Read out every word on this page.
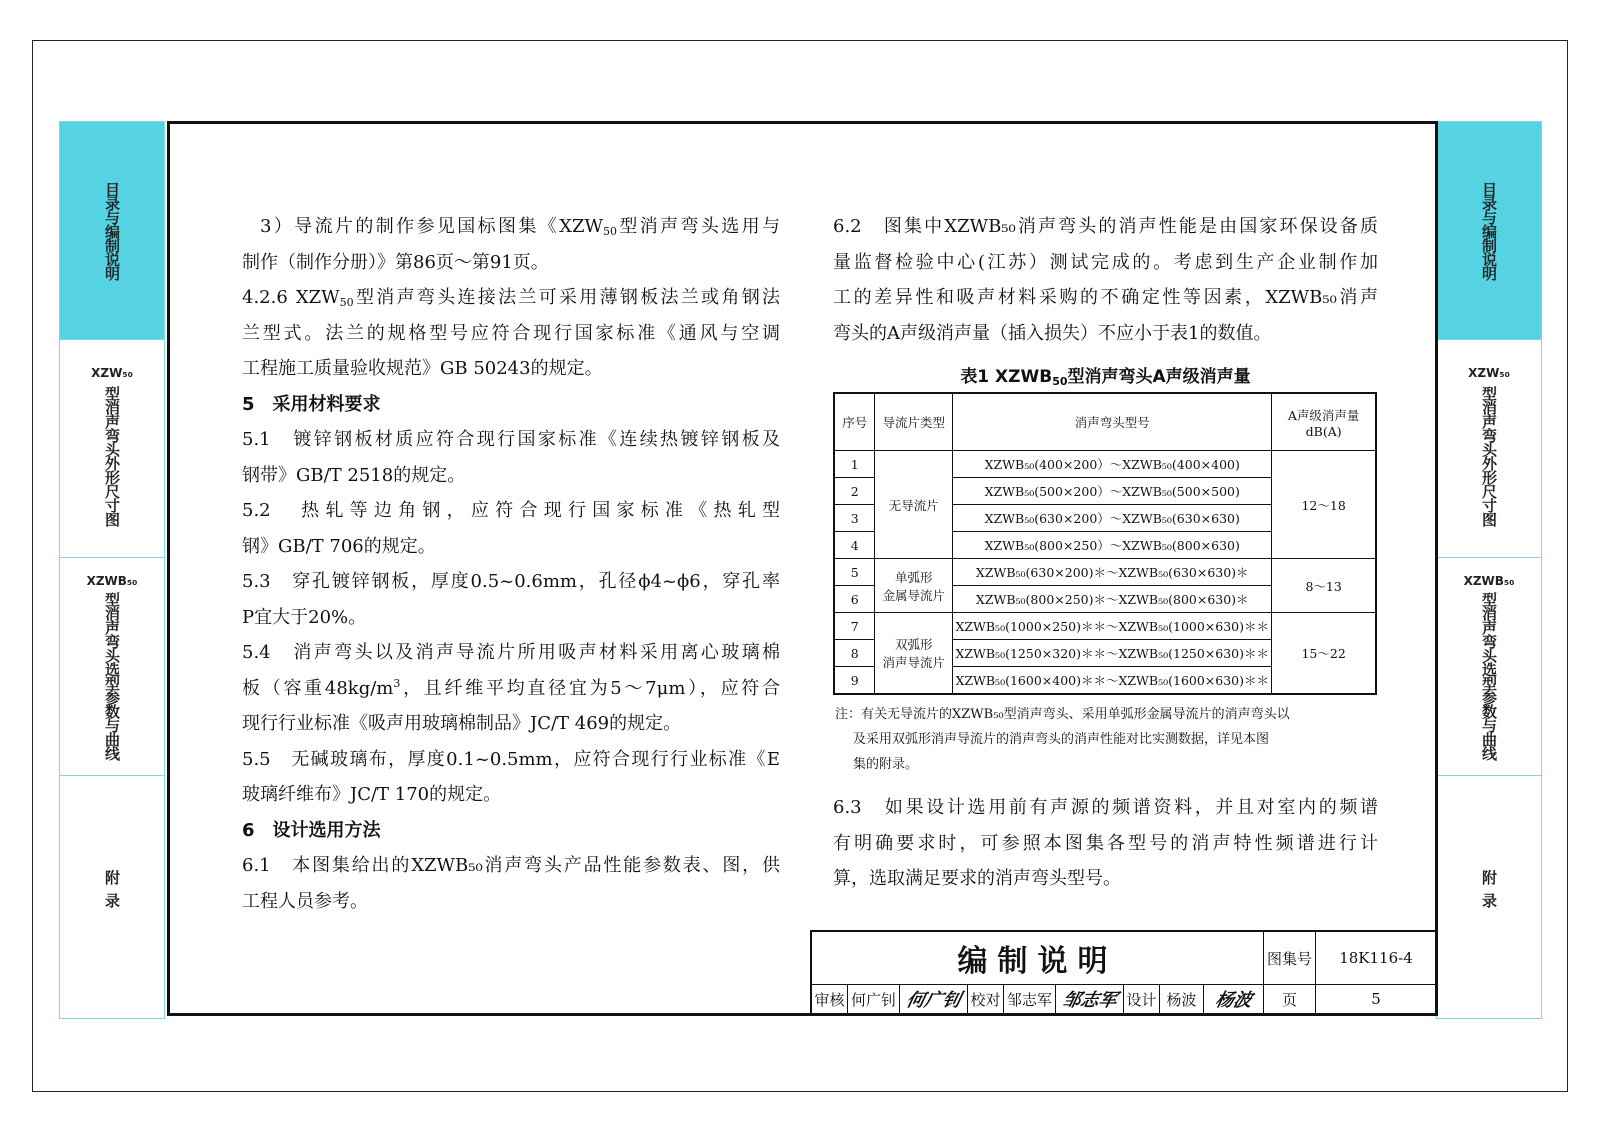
目录与编制说明
XZW₅₀
型消声弯头外形尺寸图
XZWB₅₀
型消声弯头选型参数与曲线
附录
目录与编制说明
XZW₅₀
型消声弯头外形尺寸图
XZWB₅₀
型消声弯头选型参数与曲线
附录

 3）导流片的制作参见国标图集《$XZW_{50}$型消声弯头选用与

制作（制作分册）》第86页～第91页。

4.2.6 $XZW_{50}$型消声弯头连接法兰可采用薄钢板法兰或角钢法

兰型式。法兰的规格型号应符合现行国家标准《通风与空调

工程施工质量验收规范》GB 50243的规定。

5　采用材料要求

5.1　镀锌钢板材质应符合现行国家标准《连续热镀锌钢板及

钢带》GB/T 2518的规定。

5.2　热轧等边角钢，应符合现行国家标准《热轧型

钢》GB/T 706的规定。

5.3　穿孔镀锌钢板，厚度0.5~0.6mm，孔径ϕ4~ϕ6，穿孔率

P宜大于20%。

5.4　消声弯头以及消声导流片所用吸声材料采用离心玻璃棉

板（容重$48kg/m^3$，且纤维平均直径宜为5～7μm），应符合

现行行业标准《吸声用玻璃棉制品》JC/T 469的规定。

5.5　无碱玻璃布，厚度0.1~0.5mm，应符合现行行业标准《E

玻璃纤维布》JC/T 170的规定。

6　设计选用方法

6.1　本图集给出的XZWB₅₀消声弯头产品性能参数表、图，供

工程人员参考。

6.2　图集中XZWB₅₀消声弯头的消声性能是由国家环保设备质

量监督检验中心(江苏）测试完成的。考虑到生产企业制作加

工的差异性和吸声材料采购的不确定性等因素，XZWB₅₀消声

弯头的A声级消声量（插入损失）不应小于表1的数值。

表1 $XZWB_{50}$型消声弯头A声级消声量
序号	导流片类型	消声弯头型号	A声级消声量
dB(A)
1	无导流片	XZWB₅₀(400×200）～XZWB₅₀(400×400)	12～18
2		XZWB₅₀(500×200）～XZWB₅₀(500×500)	
3		XZWB₅₀(630×200）～XZWB₅₀(630×630)	
4		XZWB₅₀(800×250）～XZWB₅₀(800×630)	
5	单弧形
金属导流片	XZWB₅₀(630×200)＊～XZWB₅₀(630×630)＊	8～13
6		XZWB₅₀(800×250)＊～XZWB₅₀(800×630)＊	
7	双弧形
消声导流片	XZWB₅₀(1000×250)＊＊～XZWB₅₀(1000×630)＊＊	15～22
8		XZWB₅₀(1250×320)＊＊～XZWB₅₀(1250×630)＊＊	
9		XZWB₅₀(1600×400)＊＊～XZWB₅₀(1600×630)＊＊	
注：有关无导流片的XZWB₅₀型消声弯头、采用单弧形金属导流片的消声弯头以
及采用双弧形消声导流片的消声弯头的消声性能对比实测数据，详见本图
集的附录。

6.3　如果设计选用前有声源的频谱资料，并且对室内的频谱

有明确要求时，可参照本图集各型号的消声特性频谱进行计

算，选取满足要求的消声弯头型号。

编制说明	图集号	18K116-4
审核 何广钊 何广钊 校对 邹志军 邹志军 设计 杨波 杨波	页	5
